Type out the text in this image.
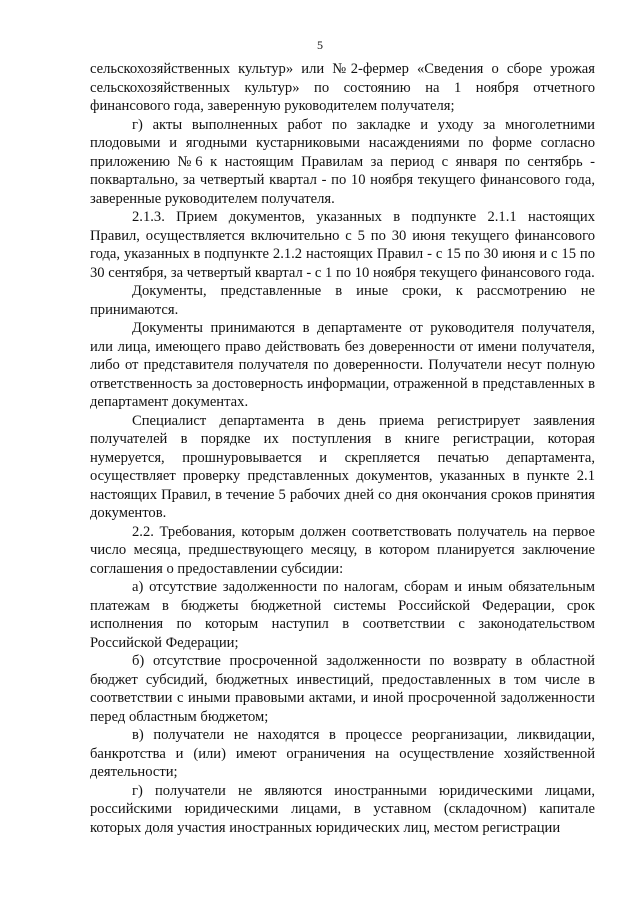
5

сельскохозяйственных культур» или №2-фермер «Сведения о сборе урожая сельскохозяйственных культур» по состоянию на 1 ноября отчетного финансового года, заверенную руководителем получателя;

г) акты выполненных работ по закладке и уходу за многолетними плодовыми и ягодными кустарниковыми насаждениями по форме согласно приложению №6 к настоящим Правилам за период с января по сентябрь - поквартально, за четвертый квартал - по 10 ноября текущего финансового года, заверенные руководителем получателя.

2.1.3. Прием документов, указанных в подпункте 2.1.1 настоящих Правил, осуществляется включительно с 5 по 30 июня текущего финансового года, указанных в подпункте 2.1.2 настоящих Правил - с 15 по 30 июня и с 15 по 30 сентября, за четвертый квартал - с 1 по 10 ноября текущего финансового года.

Документы, представленные в иные сроки, к рассмотрению не принимаются.

Документы принимаются в департаменте от руководителя получателя, или лица, имеющего право действовать без доверенности от имени получателя, либо от представителя получателя по доверенности. Получатели несут полную ответственность за достоверность информации, отраженной в представленных в департамент документах.

Специалист департамента в день приема регистрирует заявления получателей в порядке их поступления в книге регистрации, которая нумеруется, прошнуровывается и скрепляется печатью департамента, осуществляет проверку представленных документов, указанных в пункте 2.1 настоящих Правил, в течение 5 рабочих дней со дня окончания сроков принятия документов.

2.2. Требования, которым должен соответствовать получатель на первое число месяца, предшествующего месяцу, в котором планируется заключение соглашения о предоставлении субсидии:

а) отсутствие задолженности по налогам, сборам и иным обязательным платежам в бюджеты бюджетной системы Российской Федерации, срок исполнения по которым наступил в соответствии с законодательством Российской Федерации;

б) отсутствие просроченной задолженности по возврату в областной бюджет субсидий, бюджетных инвестиций, предоставленных в том числе в соответствии с иными правовыми актами, и иной просроченной задолженности перед областным бюджетом;

в) получатели не находятся в процессе реорганизации, ликвидации, банкротства и (или) имеют ограничения на осуществление хозяйственной деятельности;

г) получатели не являются иностранными юридическими лицами, российскими юридическими лицами, в уставном (складочном) капитале которых доля участия иностранных юридических лиц, местом регистрации
